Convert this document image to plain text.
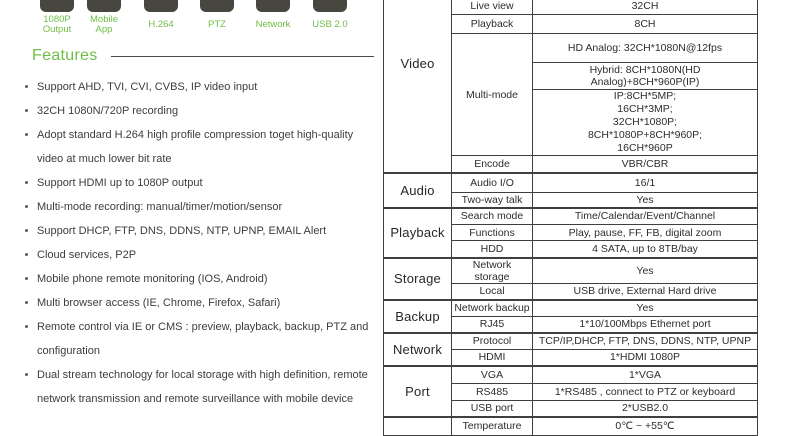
1080P
Output
Mobile
App	H.264	PTZ	Network USB 2.0
Features
Support AHD, TVI, CVI, CVBS, IP video input
32CH 1080N/720P recording
Adopt standard H.264 high profile compression toget high-quality
video at much lower bit rate
Support HDMI up to 1080P output
Multi-mode recording: manual/timer/motion/sensor
Support DHCP, FTP, DNS, DDNS, NTP, UPNP, EMAIL Alert
Cloud services, P2P
Mobile phone remote monitoring (IOS, Android)
Multi browser access (IE, Chrome, Firefox, Safari)
Remote control via IE or CMS : preview, playback, backup, PTZ and
configuration
Dual stream technology for local storage with high definition, remote
network transmission and remote surveillance with mobile device
Video	Live view	32CH
	Playback	8CH
	Multi-mode	HD Analog: 32CH*1080N@12fps
		Hybrid: 8CH*1080N(HD Analog)+8CH*960P(IP)

		IP:8CH*5MP;
16CH*3MP;
32CH*1080P;
8CH*1080P+8CH*960P;
16CH*960P

	Encode	VBR/CBR
Audio	Audio I/O	16/1
	Two-way talk	Yes
Playback	Search mode	Time/Calendar/Event/Channel
	Functions	Play, pause, FF, FB, digital zoom
	HDD	4 SATA, up to 8TB/bay
Storage	Network storage	Yes
	Local	USB drive, External Hard drive
Backup	Network backup	Yes
	RJ45	1*10/100Mbps Ethernet port
Network	Protocol	TCP/IP,DHCP, FTP, DNS, DDNS, NTP, UPNP
	HDMI	1*HDMI 1080P
Port	VGA	1*VGA
	RS485	1*RS485 , connect to PTZ or keyboard
	USB port	2*USB2.0
	Temperature	0℃ ~ +55℃
